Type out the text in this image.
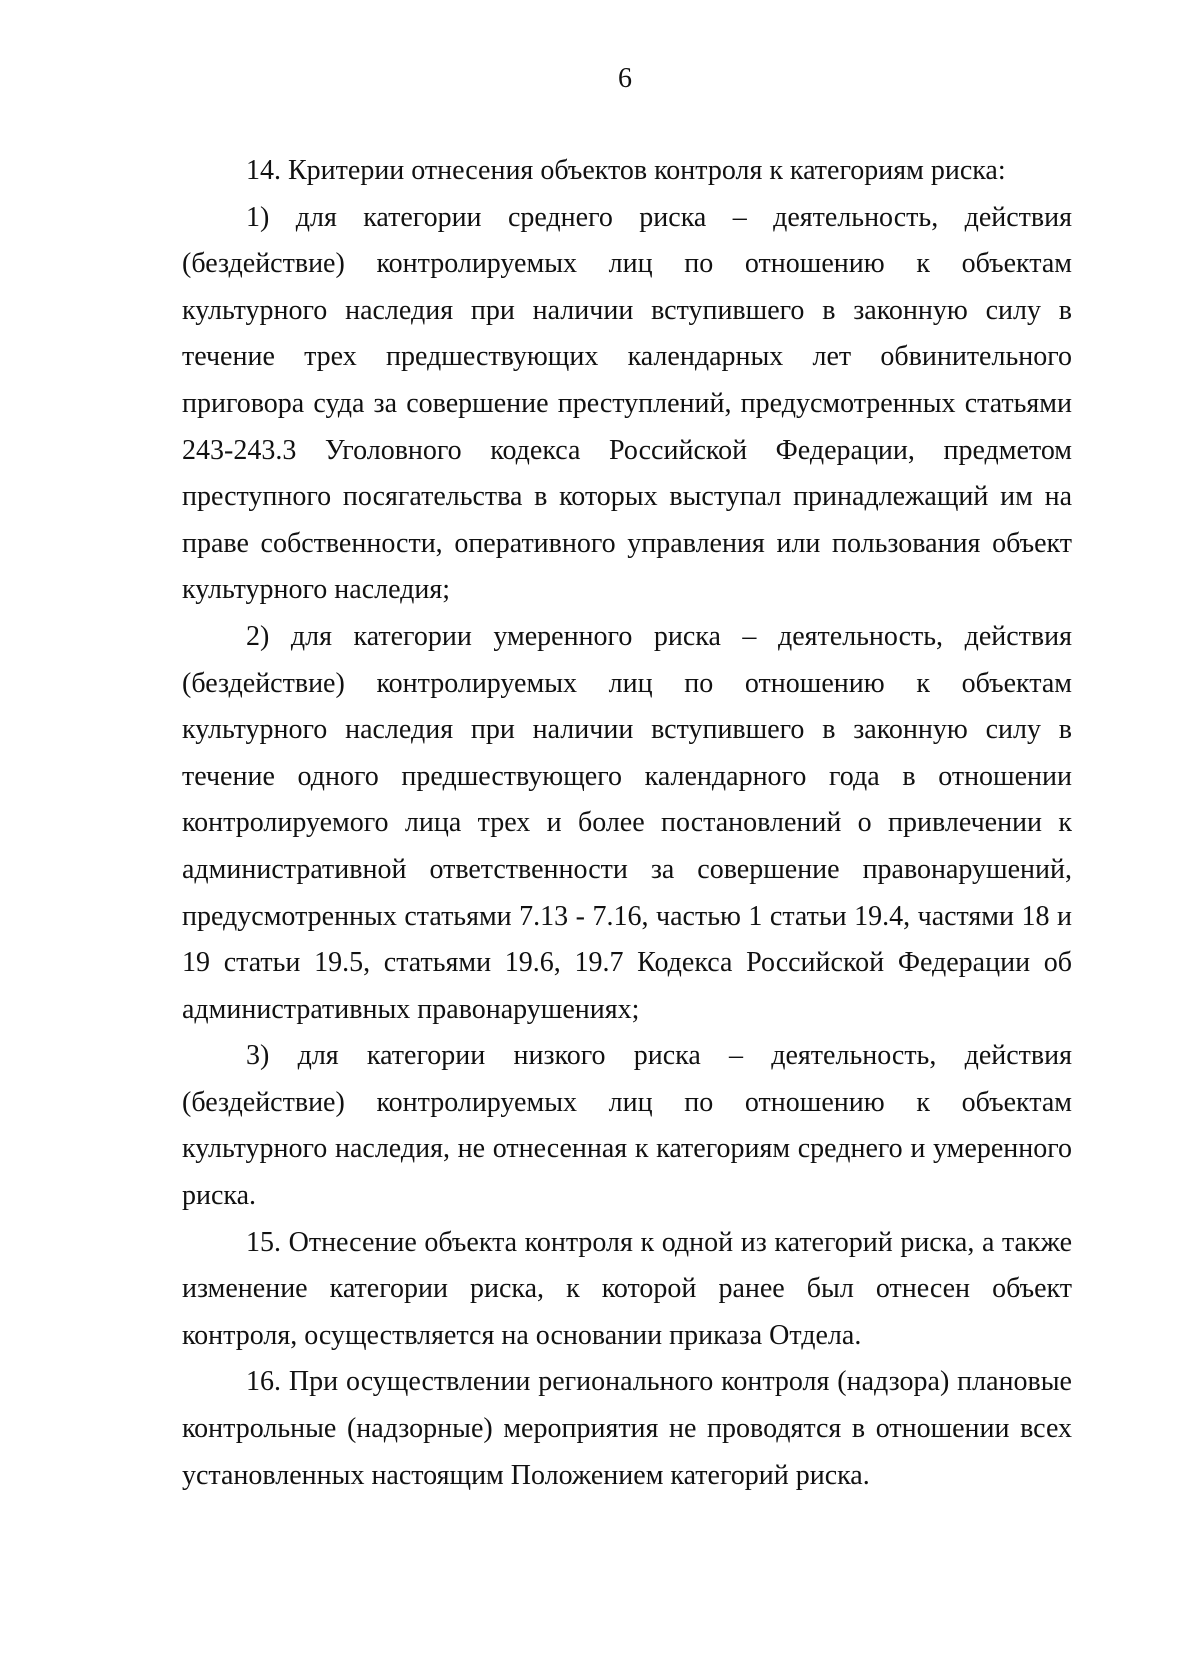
6

14. Критерии отнесения объектов контроля к категориям риска:

1) для категории среднего риска – деятельность, действия (бездействие) контролируемых лиц по отношению к объектам культурного наследия при наличии вступившего в законную силу в течение трех предшествующих календарных лет обвинительного приговора суда за совершение преступлений, предусмотренных статьями 243-243.3 Уголовного кодекса Российской Федерации, предметом преступного посягательства в которых выступал принадлежащий им на праве собственности, оперативного управления или пользования объект культурного наследия;

2) для категории умеренного риска – деятельность, действия (бездействие) контролируемых лиц по отношению к объектам культурного наследия при наличии вступившего в законную силу в течение одного предшествующего календарного года в отношении контролируемого лица трех и более постановлений о привлечении к административной ответственности за совершение правонарушений, предусмотренных статьями 7.13 - 7.16, частью 1 статьи 19.4, частями 18 и 19 статьи 19.5, статьями 19.6, 19.7 Кодекса Российской Федерации об административных правонарушениях;

3) для категории низкого риска – деятельность, действия (бездействие) контролируемых лиц по отношению к объектам культурного наследия, не отнесенная к категориям среднего и умеренного риска.

15. Отнесение объекта контроля к одной из категорий риска, а также изменение категории риска, к которой ранее был отнесен объект контроля, осуществляется на основании приказа Отдела.

16. При осуществлении регионального контроля (надзора) плановые контрольные (надзорные) мероприятия не проводятся в отношении всех установленных настоящим Положением категорий риска.
